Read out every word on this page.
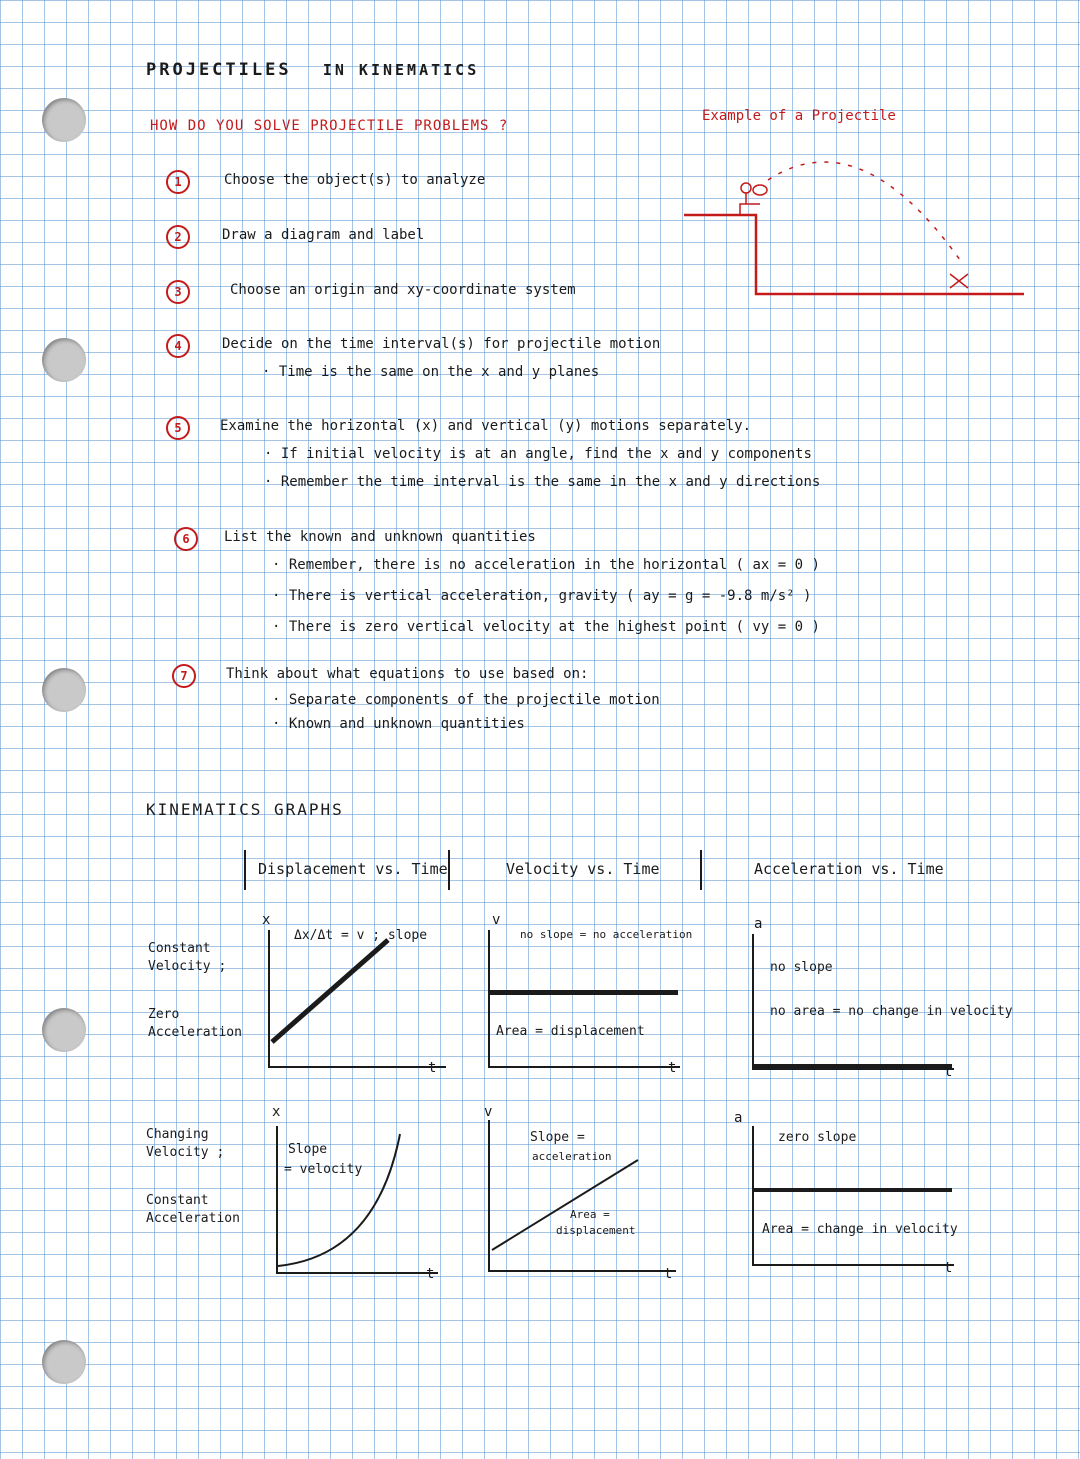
PROJECTILES IN KINEMATICS
HOW DO YOU SOLVE PROJECTILE PROBLEMS ?
Example of a Projectile
1	Choose the object(s) to analyze
2	Draw a diagram and label
3	Choose an origin and xy-coordinate system
4	Decide on the time interval(s) for projectile motion
· Time is the same on the x and y planes
5	Examine the horizontal (x) and vertical (y) motions separately.
· If initial velocity is at an angle, find the x and y components
· Remember the time interval is the same in the x and y directions
6	List the known and unknown quantities
· Remember, there is no acceleration in the horizontal ( ax = 0 )
· There is vertical acceleration, gravity ( ay = g = -9.8 m/s² )
· There is zero vertical velocity at the highest point ( vy = 0 )
7	Think about what equations to use based on:
· Separate components of the projectile motion
· Known and unknown quantities
KINEMATICS GRAPHS
Displacement vs. Time	Velocity vs. Time	Acceleration vs. Time
Constant
Velocity ;
Zero
Acceleration
Changing
Velocity ;
Constant
Acceleration
x
t
Δx/Δt = v ; slope
v
t
no slope = no acceleration
Area = displacement
a
t
no slope
no area = no change in velocity
x
t
Slope
= velocity
v
t
Slope =
acceleration
Area =
displacement
a
t
zero slope
Area = change in velocity
